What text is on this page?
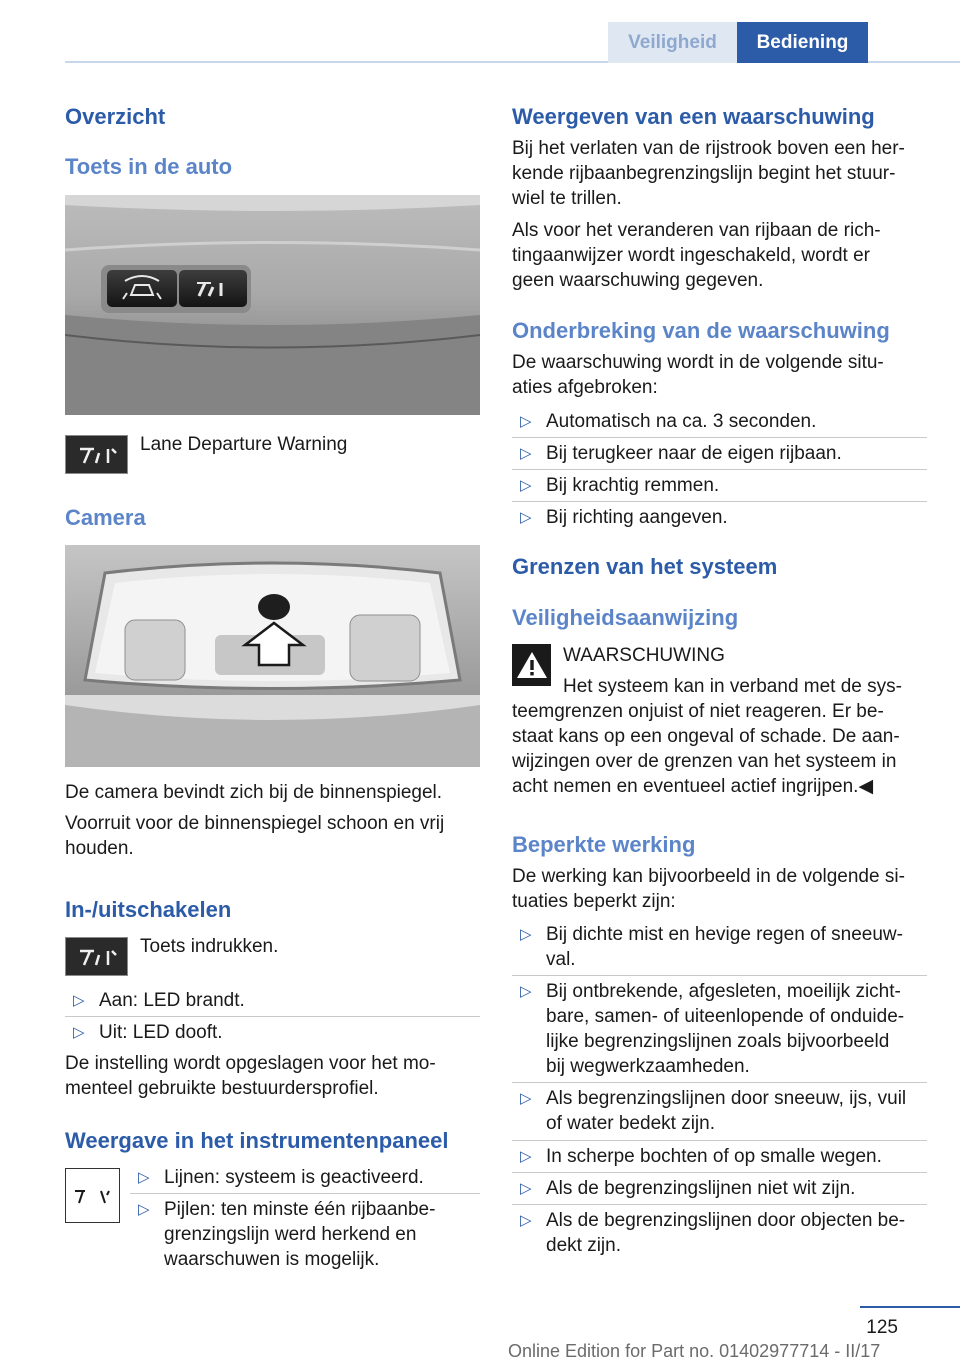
Veiligheid	Bediening
Overzicht
Toets in de auto
Lane Departure Warning
Camera
De camera bevindt zich bij de binnenspiegel.
Voorruit voor de binnenspiegel schoon en vrij
houden.
In-/uitschakelen
Toets indrukken.
▷ Aan: LED brandt.
▷ Uit: LED dooft.
De instelling wordt opgeslagen voor het mo-
menteel gebruikte bestuurdersprofiel.
Weergave in het instrumentenpaneel
▷ Lijnen: systeem is geactiveerd.
▷ Pijlen: ten minste één rijbaanbe-
grenzingslijn werd herkend en
waarschuwen is mogelijk.
Weergeven van een waarschuwing
Bij het verlaten van de rijstrook boven een her-
kende rijbaanbegrenzingslijn begint het stuur-
wiel te trillen.
Als voor het veranderen van rijbaan de rich-
tingaanwijzer wordt ingeschakeld, wordt er
geen waarschuwing gegeven.
Onderbreking van de waarschuwing
De waarschuwing wordt in de volgende situ-
aties afgebroken:
▷ Automatisch na ca. 3 seconden.
▷ Bij terugkeer naar de eigen rijbaan.
▷ Bij krachtig remmen.
▷ Bij richting aangeven.
Grenzen van het systeem
Veiligheidsaanwijzing
WAARSCHUWING
Het systeem kan in verband met de sys-
teemgrenzen onjuist of niet reageren. Er be-
staat kans op een ongeval of schade. De aan-
wijzingen over de grenzen van het systeem in
acht nemen en eventueel actief ingrijpen.◀
Beperkte werking
De werking kan bijvoorbeeld in de volgende si-
tuaties beperkt zijn:
▷ Bij dichte mist en hevige regen of sneeuw-
val.
▷ Bij ontbrekende, afgesleten, moeilijk zicht-
bare, samen- of uiteenlopende of onduide-
lijke begrenzingslijnen zoals bijvoorbeeld
bij wegwerkzaamheden.
▷ Als begrenzingslijnen door sneeuw, ijs, vuil
of water bedekt zijn.
▷ In scherpe bochten of op smalle wegen.
▷ Als de begrenzingslijnen niet wit zijn.
▷ Als de begrenzingslijnen door objecten be-
dekt zijn.
125
Online Edition for Part no. 01402977714 - II/17
